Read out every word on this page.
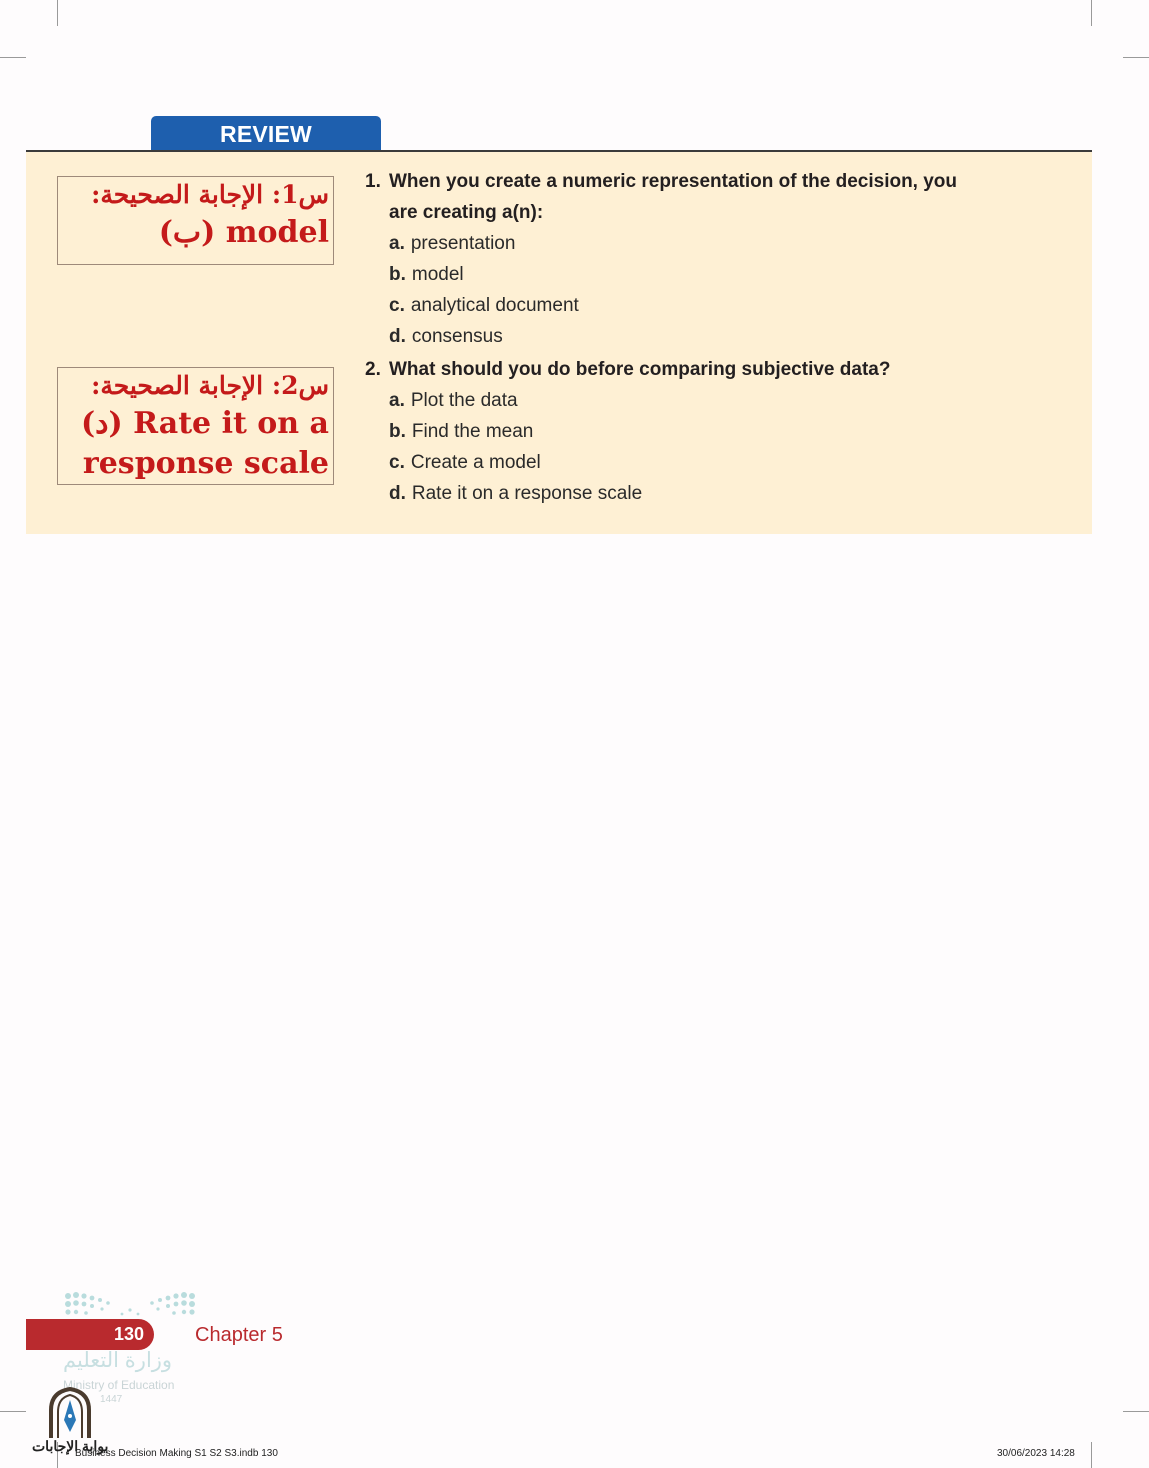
REVIEW
س1: الإجابة الصحيحة:
model (ب)
س2: الإجابة الصحيحة:
Rate it on a (د)
response scale
1. When you create a numeric representation of the decision, you
are creating a(n):
a. presentation
b. model
c. analytical document
d. consensus
2. What should you do before comparing subjective data?
a. Plot the data
b. Find the mean
c. Create a model
d. Rate it on a response scale
130	Chapter 5
وزارة التعليم
Ministry of Education
1447
بوابة الإجابات
Business Decision Making S1 S2 S3.indb 130	30/06/2023 14:28
